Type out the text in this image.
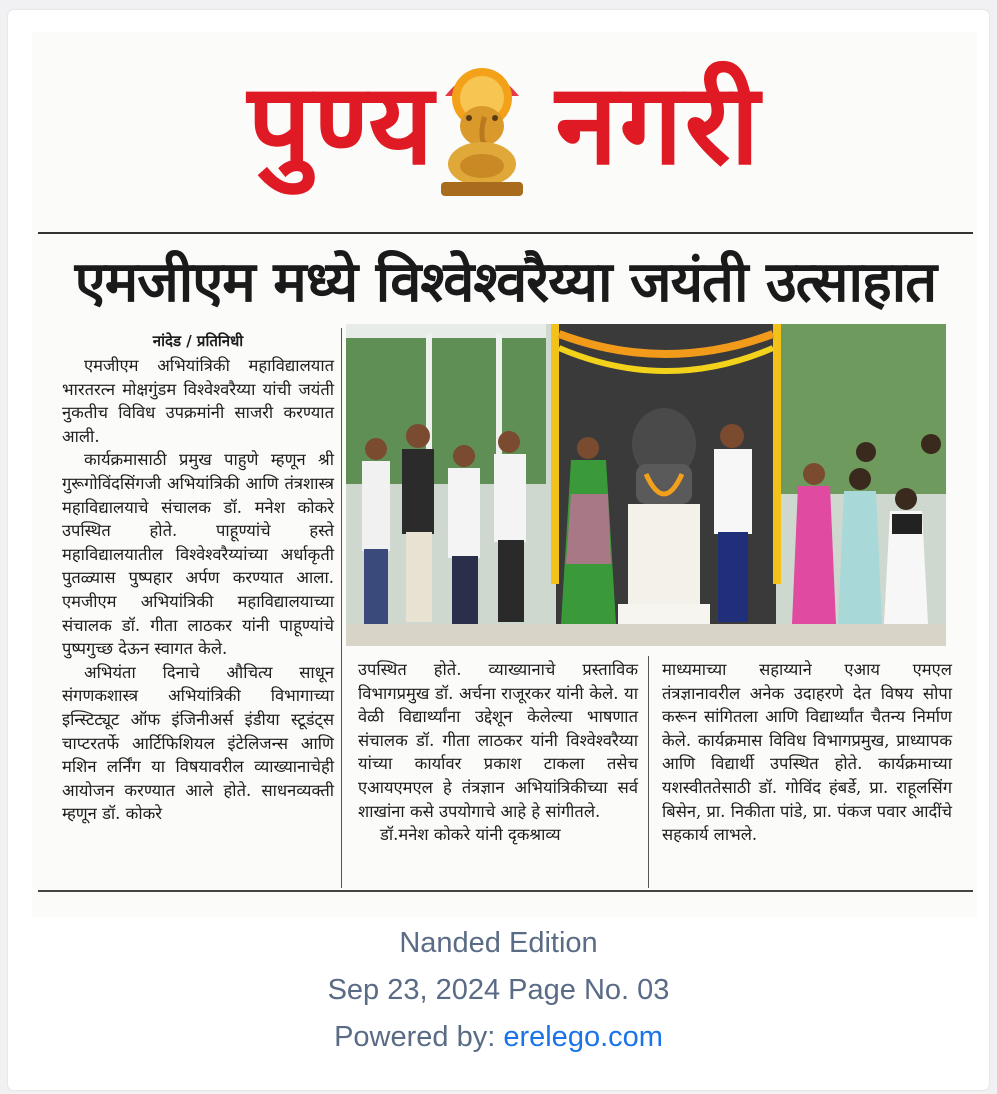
पुण्य नगरी
एमजीएम मध्ये विश्वेश्वरैय्या जयंती उत्साहात
नांदेड / प्रतिनिधी

एमजीएम अभियांत्रिकी महाविद्यालयात भारतरत्न मोक्षगुंडम विश्वेश्वरैय्या यांची जयंती नुकतीच विविध उपक्रमांनी साजरी करण्यात आली.

कार्यक्रमासाठी प्रमुख पाहुणे म्हणून श्री गुरूगोविंदसिंगजी अभियांत्रिकी आणि तंत्रशास्त्र महाविद्यालयाचे संचालक डॉ. मनेश कोकरे उपस्थित होते. पाहूण्यांचे हस्ते महाविद्यालयातील विश्वेश्वरैय्यांच्या अर्धाकृती पुतळ्यास पुष्पहार अर्पण करण्यात आला. एमजीएम अभियांत्रिकी महाविद्यालयाच्या संचालक डॉ. गीता लाठकर यांनी पाहूण्यांचे पुष्पगुच्छ देऊन स्वागत केले.

अभियंता दिनाचे औचित्य साधून संगणकशास्त्र अभियांत्रिकी विभागाच्या इन्स्टिट्यूट ऑफ इंजिनीअर्स इंडीया स्टूडंट्स चाप्टरतर्फे आर्टिफिशियल इंटेलिजन्स आणि मशिन लर्निंग या विषयावरील व्याख्यानाचेही आयोजन करण्यात आले होते. साधनव्यक्ती म्हणून डॉ. कोकरे

उपस्थित होते. व्याख्यानाचे प्रस्ताविक विभागप्रमुख डॉ. अर्चना राजूरकर यांनी केले. या वेळी विद्यार्थ्यांना उद्देशून केलेल्या भाषणात संचालक डॉ. गीता लाठकर यांनी विश्वेश्वरैय्या यांच्या कार्यावर प्रकाश टाकला तसेच एआयएमएल हे तंत्रज्ञान अभियांत्रिकीच्या सर्व शाखांना कसे उपयोगाचे आहे हे सांगीतले.

डॉ.मनेश कोकरे यांनी दृकश्राव्य

माध्यमाच्या सहाय्याने एआय एमएल तंत्रज्ञानावरील अनेक उदाहरणे देत विषय सोपा करून सांगितला आणि विद्यार्थ्यांत चैतन्य निर्माण केले. कार्यक्रमास विविध विभागप्रमुख, प्राध्यापक आणि विद्यार्थी उपस्थित होते. कार्यक्रमाच्या यशस्वीततेसाठी डॉ. गोविंद हंबर्डे, प्रा. राहूलसिंग बिसेन, प्रा. निकीता पांडे, प्रा. पंकज पवार आदींचे सहकार्य लाभले.

Nanded Edition
Sep 23, 2024 Page No. 03
Powered by: erelego.com
